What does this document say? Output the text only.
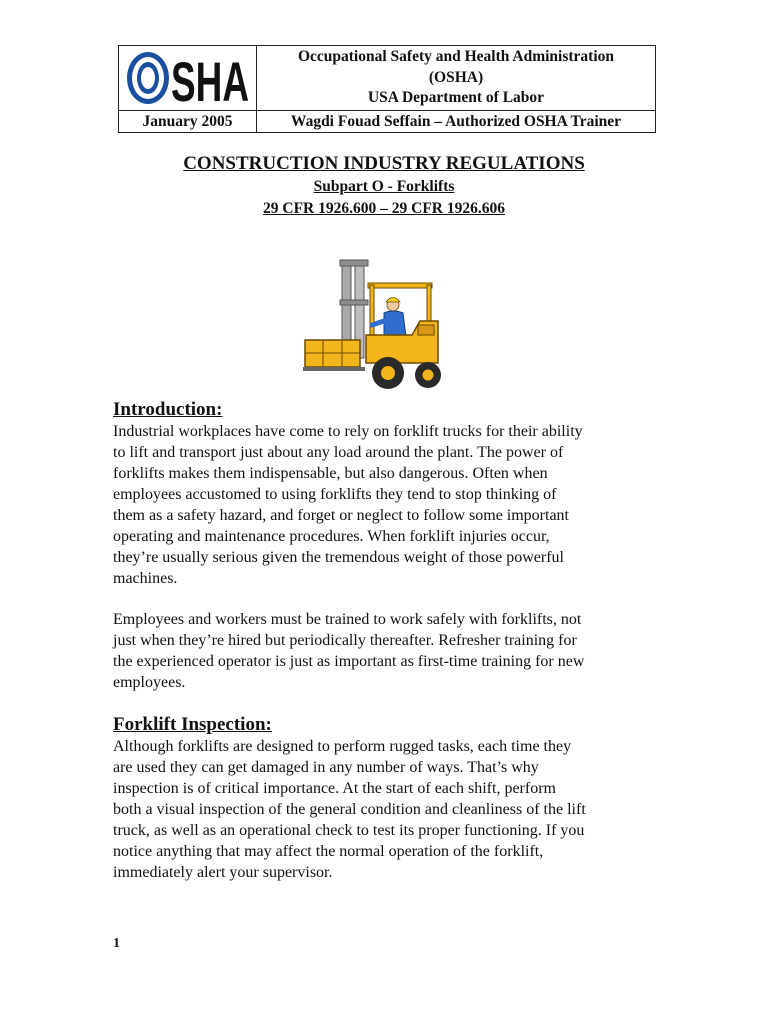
SHA	Occupational Safety and Health Administration
(OSHA)
USA Department of Labor

January 2005	Wagdi Fouad Seffain – Authorized OSHA Trainer
CONSTRUCTION INDUSTRY REGULATIONS
Subpart O - Forklifts
29 CFR 1926.600 – 29 CFR 1926.606
Introduction:
Industrial workplaces have come to rely on forklift trucks for their ability
to lift and transport just about any load around the plant. The power of
forklifts makes them indispensable, but also dangerous. Often when
employees accustomed to using forklifts they tend to stop thinking of
them as a safety hazard, and forget or neglect to follow some important
operating and maintenance procedures. When forklift injuries occur,
they’re usually serious given the tremendous weight of those powerful
machines.
Employees and workers must be trained to work safely with forklifts, not
just when they’re hired but periodically thereafter. Refresher training for
the experienced operator is just as important as first-time training for new
employees.
Forklift Inspection:
Although forklifts are designed to perform rugged tasks, each time they
are used they can get damaged in any number of ways. That’s why
inspection is of critical importance. At the start of each shift, perform
both a visual inspection of the general condition and cleanliness of the lift
truck, as well as an operational check to test its proper functioning. If you
notice anything that may affect the normal operation of the forklift,
immediately alert your supervisor.
1
